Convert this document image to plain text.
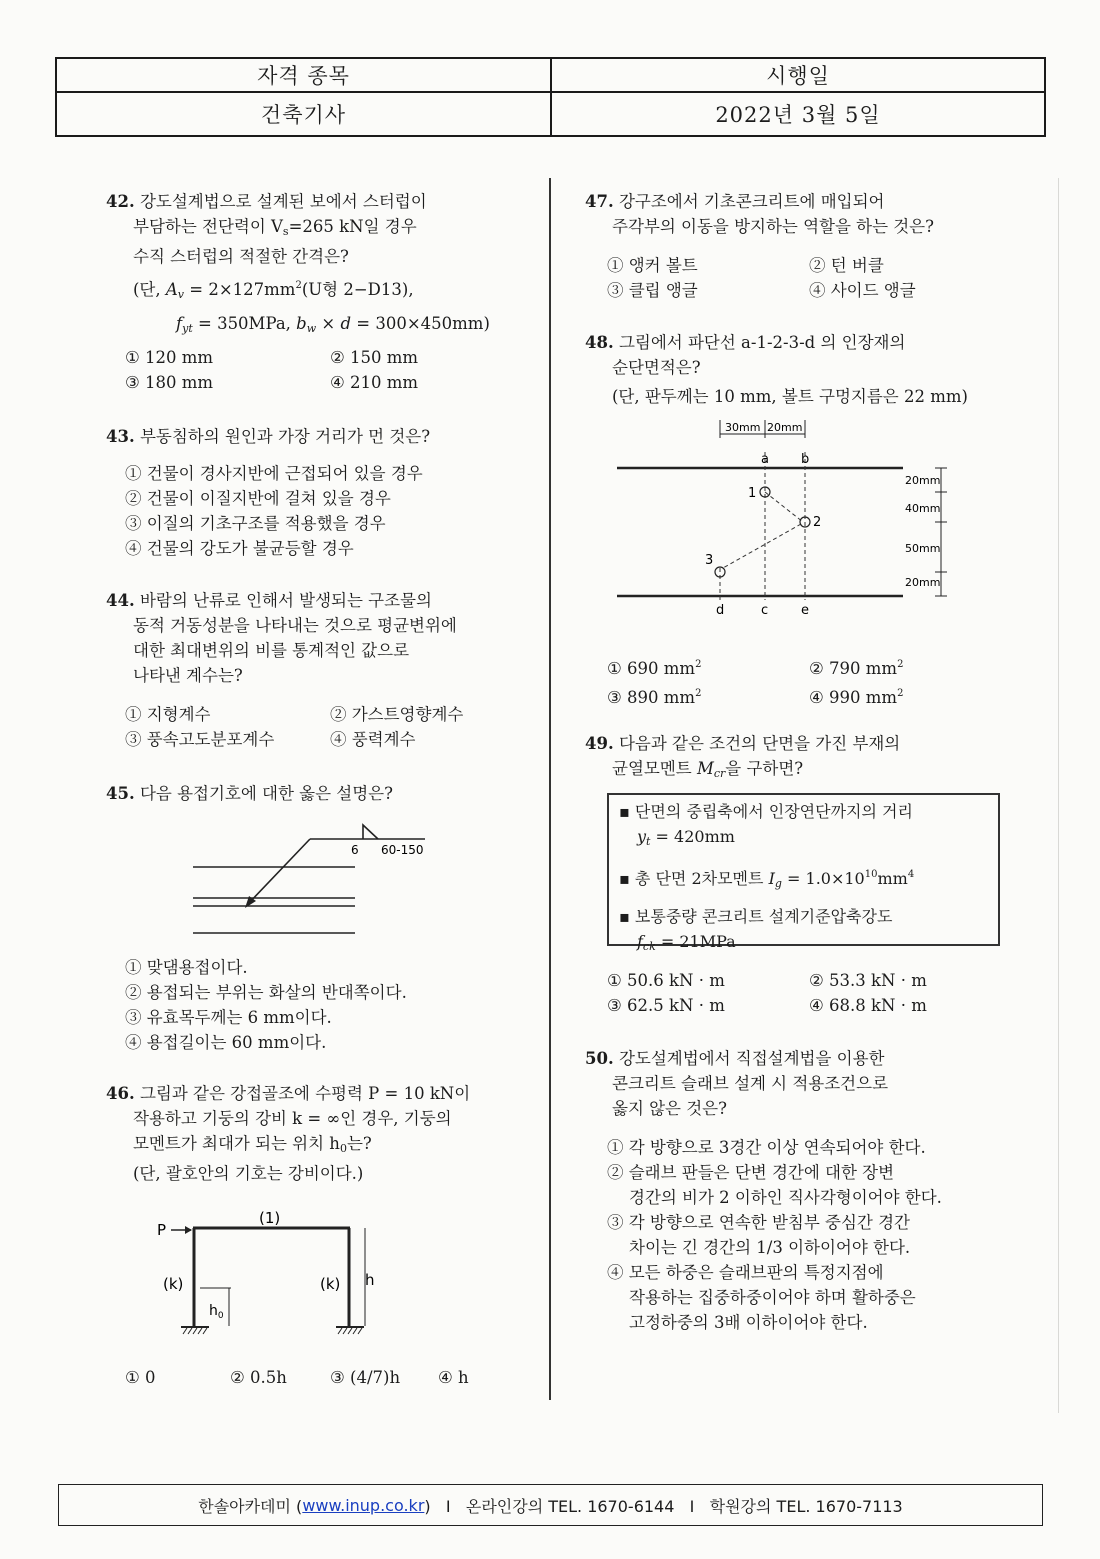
자격 종목	시행일
건축기사	2022년 3월 5일
42. 강도설계법으로 설계된 보에서 스터럽이
부담하는 전단력이 $V_s=265$ kN일 경우
수직 스터럽의 적절한 간격은?
(단, $A_v = 2\times 127mm^2(U$형 2−D13),
$f_{yt} = 350MPa$, $b_w \times d = 300\times 450mm$)
① 120 mm	② 150 mm
③ 180 mm	④ 210 mm
43. 부동침하의 원인과 가장 거리가 먼 것은?
① 건물이 경사지반에 근접되어 있을 경우
② 건물이 이질지반에 걸쳐 있을 경우
③ 이질의 기초구조를 적용했을 경우
④ 건물의 강도가 불균등할 경우
44. 바람의 난류로 인해서 발생되는 구조물의
동적 거동성분을 나타내는 것으로 평균변위에
대한 최대변위의 비를 통계적인 값으로
나타낸 계수는?
① 지형계수	② 가스트영향계수
③ 풍속고도분포계수	④ 풍력계수
45. 다음 용접기호에 대한 옳은 설명은?
6 60-150
① 맞댐용접이다.
② 용접되는 부위는 화살의 반대쪽이다.
③ 유효목두께는 6 mm이다.
④ 용접길이는 60 mm이다.
46. 그림과 같은 강접골조에 수평력 P = 10 kN이
작용하고 기둥의 강비 k = ∞인 경우, 기둥의
모멘트가 최대가 되는 위치 $h_0$는?
(단, 괄호안의 기호는 강비이다.)
P
(1)
(k)	(k) h
$h_0$
① 0	② 0.5h	③ (4/7)h	④ h
47. 강구조에서 기초콘크리트에 매입되어
주각부의 이동을 방지하는 역할을 하는 것은?
① 앵커 볼트	② 턴 버클
③ 클립 앵글	④ 사이드 앵글
48. 그림에서 파단선 a-1-2-3-d 의 인장재의
순단면적은?
(단, 판두께는 10 mm, 볼트 구멍지름은 22 mm)
30mm 20mm
a b
1
2
3
d	c	e
20mm
40mm
50mm
20mm
① 690 mm2	② 790 mm2
③ 890 mm2	④ 990 mm2
49. 다음과 같은 조건의 단면을 가진 부재의
균열모멘트 $M_{cr}$을 구하면?
▪ 단면의 중립축에서 인장연단까지의 거리
$y_t = 420mm$
▪ 총 단면 2차모멘트 $I_g = 1.0\times 10^{10}mm^4$
▪ 보통중량 콘크리트 설계기준압축강도
$f_{ck} = 21MPa$
① 50.6 kN · m	② 53.3 kN · m
③ 62.5 kN · m	④ 68.8 kN · m
50. 강도설계법에서 직접설계법을 이용한
콘크리트 슬래브 설계 시 적용조건으로
옳지 않은 것은?
① 각 방향으로 3경간 이상 연속되어야 한다.
② 슬래브 판들은 단변 경간에 대한 장변
경간의 비가 2 이하인 직사각형이어야 한다.
③ 각 방향으로 연속한 받침부 중심간 경간
차이는 긴 경간의 1/3 이하이어야 한다.
④ 모든 하중은 슬래브판의 특정지점에
작용하는 집중하중이어야 하며 활하중은
고정하중의 3배 이하이어야 한다.
한솔아카데미 ( www.inup.co.kr )   I   온라인강의 TEL. 1670-6144   I   학원강의 TEL. 1670-7113
